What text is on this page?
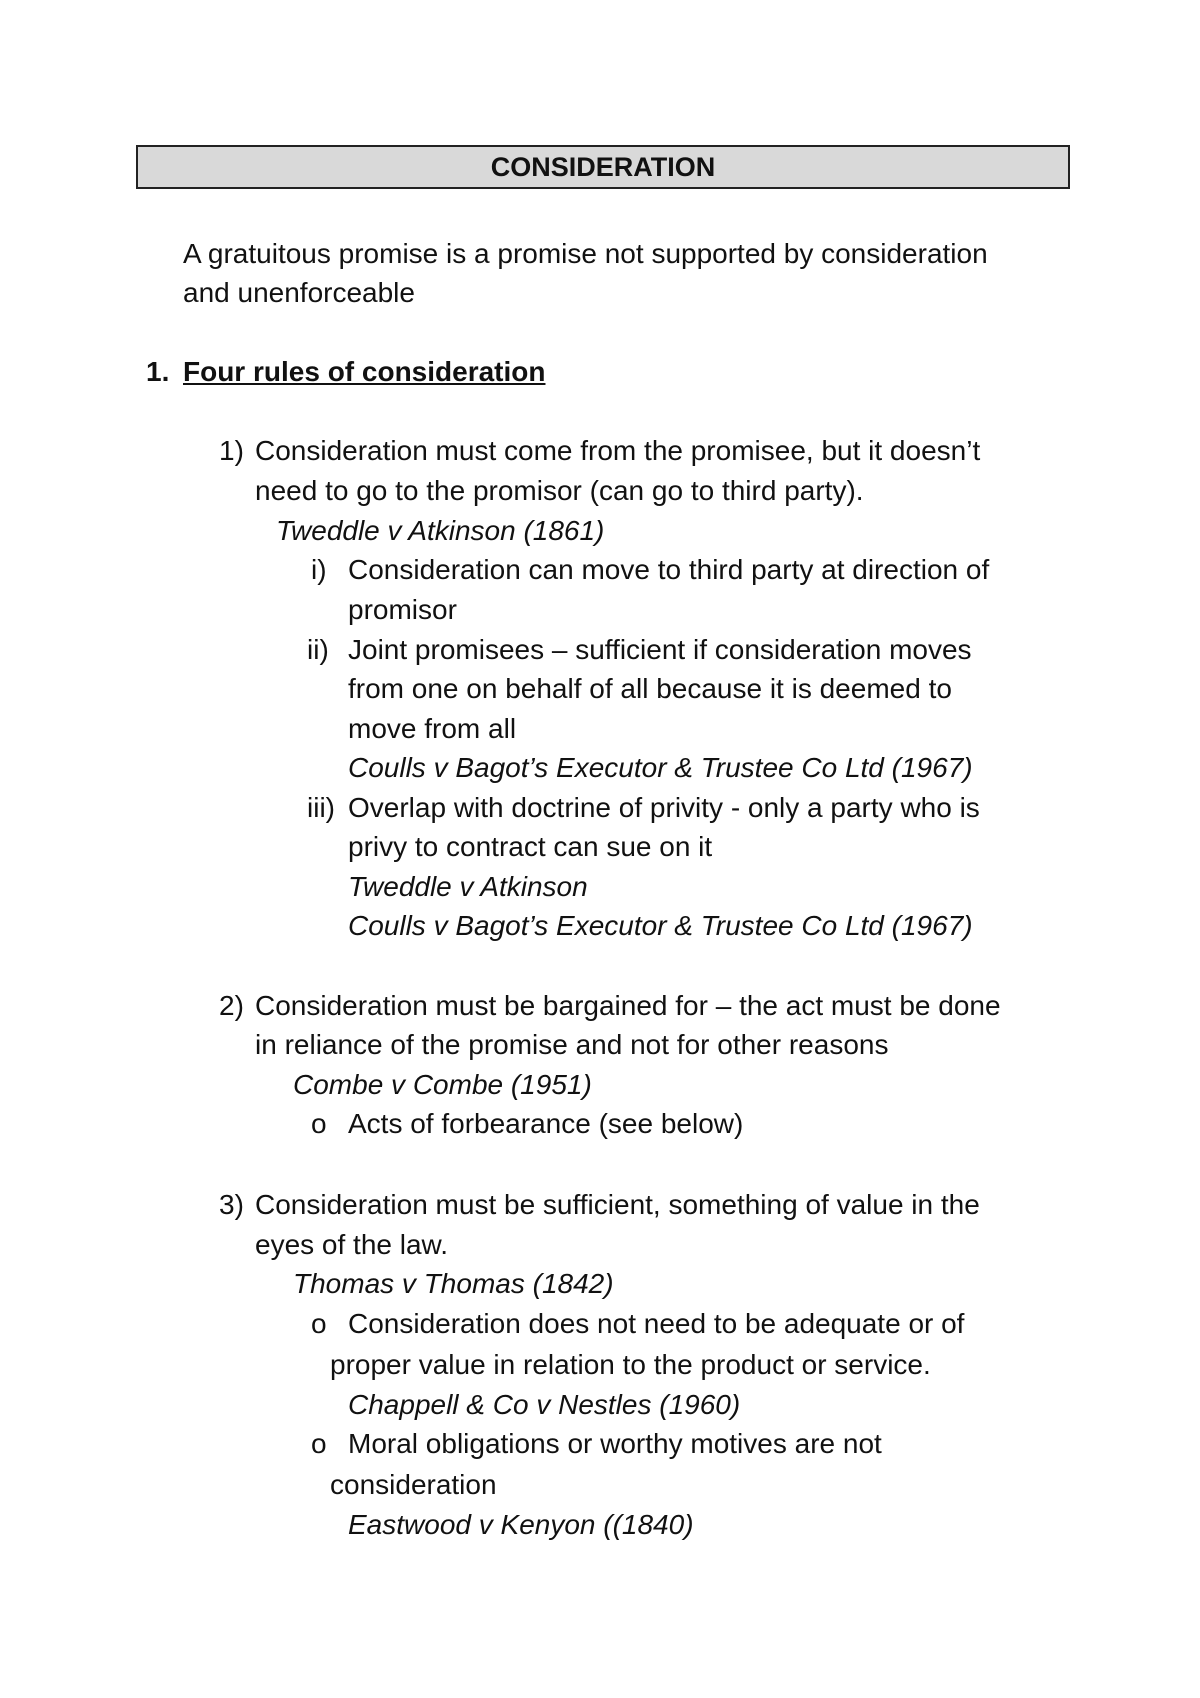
CONSIDERATION
A gratuitous promise is a promise not supported by consideration
and unenforceable
1. Four rules of consideration
1) Consideration must come from the promisee, but it doesn’t
need to go to the promisor (can go to third party).
Tweddle v Atkinson (1861)
i) Consideration can move to third party at direction of
promisor
ii) Joint promisees – sufficient if consideration moves
from one on behalf of all because it is deemed to
move from all
Coulls v Bagot’s Executor & Trustee Co Ltd (1967)
iii) Overlap with doctrine of privity - only a party who is
privy to contract can sue on it
Tweddle v Atkinson
Coulls v Bagot’s Executor & Trustee Co Ltd (1967)
2) Consideration must be bargained for – the act must be done
in reliance of the promise and not for other reasons
Combe v Combe (1951)
o Acts of forbearance (see below)
3) Consideration must be sufficient, something of value in the
eyes of the law.
Thomas v Thomas (1842)
o Consideration does not need to be adequate or of
proper value in relation to the product or service.
Chappell & Co v Nestles (1960)
o Moral obligations or worthy motives are not
consideration
Eastwood v Kenyon ((1840)
